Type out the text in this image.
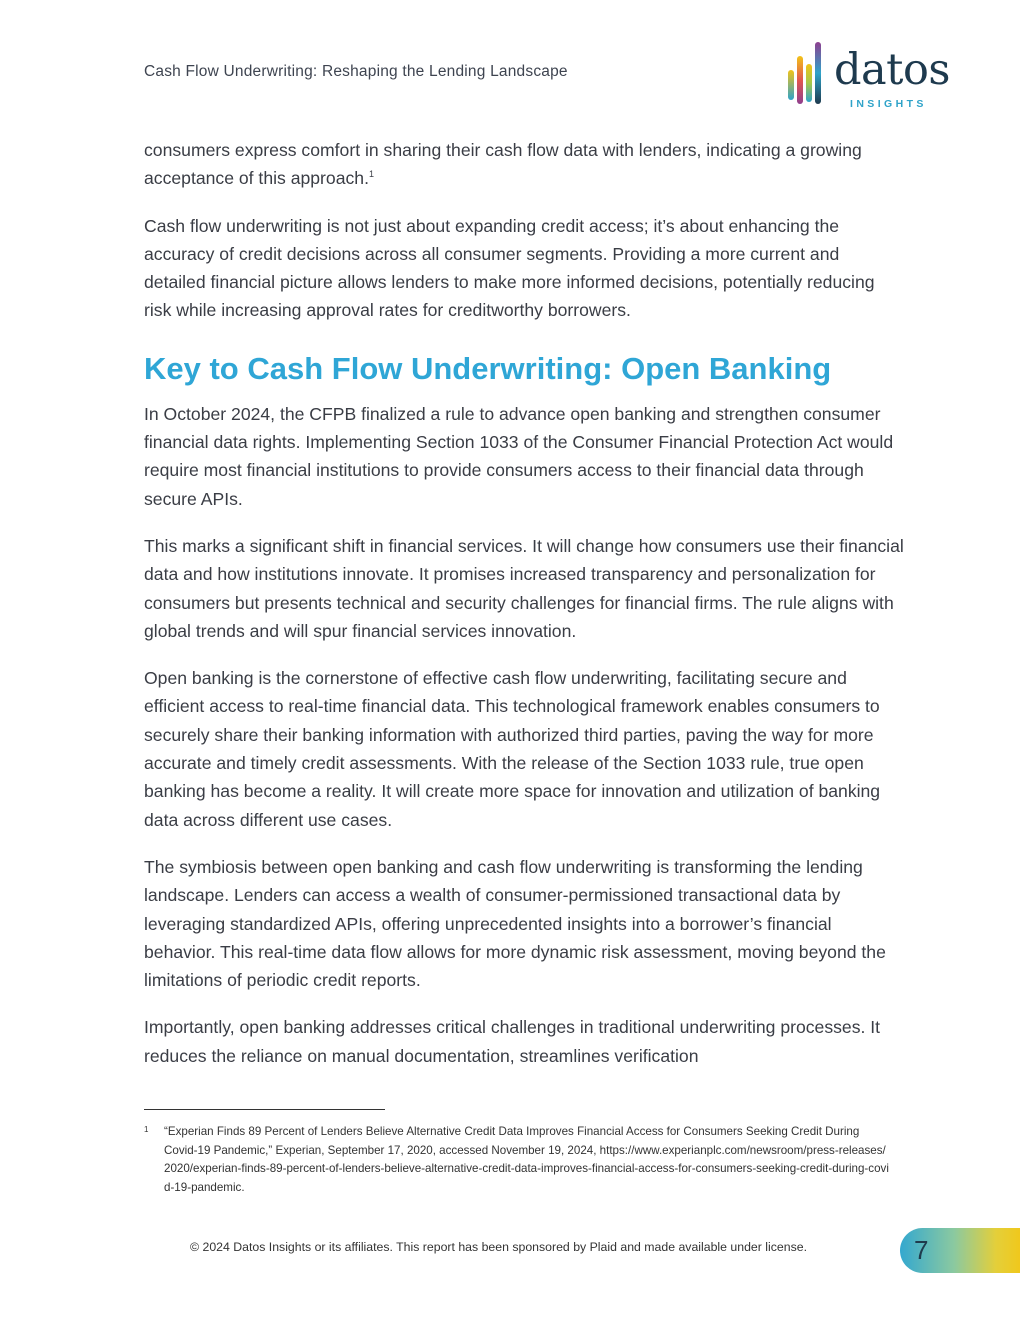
Cash Flow Underwriting: Reshaping the Lending Landscape	datos
INSIGHTS

consumers express comfort in sharing their cash flow data with lenders, indicating a growing acceptance of this approach.$^1$

Cash flow underwriting is not just about expanding credit access; it’s about enhancing the accuracy of credit decisions across all consumer segments. Providing a more current and detailed financial picture allows lenders to make more informed decisions, potentially reducing risk while increasing approval rates for creditworthy borrowers.

Key to Cash Flow Underwriting: Open Banking

In October 2024, the CFPB finalized a rule to advance open banking and strengthen consumer financial data rights. Implementing Section 1033 of the Consumer Financial Protection Act would require most financial institutions to provide consumers access to their financial data through secure APIs.

This marks a significant shift in financial services. It will change how consumers use their financial data and how institutions innovate. It promises increased transparency and personalization for consumers but presents technical and security challenges for financial firms. The rule aligns with global trends and will spur financial services innovation.

Open banking is the cornerstone of effective cash flow underwriting, facilitating secure and efficient access to real-time financial data. This technological framework enables consumers to securely share their banking information with authorized third parties, paving the way for more accurate and timely credit assessments. With the release of the Section 1033 rule, true open banking has become a reality. It will create more space for innovation and utilization of banking data across different use cases.

The symbiosis between open banking and cash flow underwriting is transforming the lending landscape. Lenders can access a wealth of consumer-permissioned transactional data by leveraging standardized APIs, offering unprecedented insights into a borrower’s financial behavior. This real-time data flow allows for more dynamic risk assessment, moving beyond the limitations of periodic credit reports.

Importantly, open banking addresses critical challenges in traditional underwriting processes. It reduces the reliance on manual documentation, streamlines verification

1 “Experian Finds 89 Percent of Lenders Believe Alternative Credit Data Improves Financial Access for Consumers Seeking Credit During Covid-19 Pandemic,” Experian, September 17, 2020, accessed November 19, 2024, https://www.experianplc.com/newsroom/press-releases/2020/experian-finds-89-percent-of-lenders-believe-alternative-credit-data-improves-financial-access-for-consumers-seeking-credit-during-covid-19-pandemic.
© 2024 Datos Insights or its affiliates. This report has been sponsored by Plaid and made available under license.	7
